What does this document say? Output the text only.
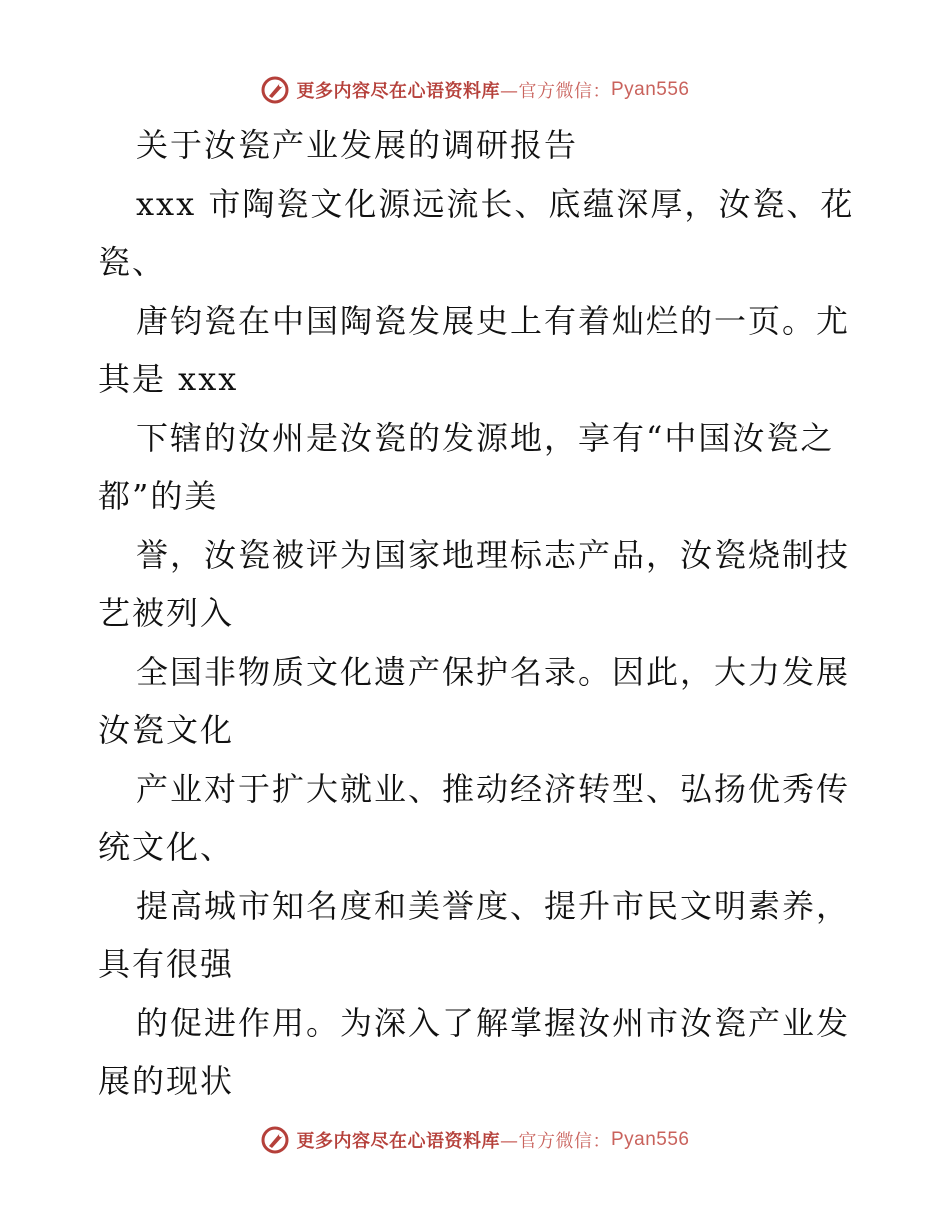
更多内容尽在心语资料库 —官方微信： Pyan556
关于汝瓷产业发展的调研报告
xxx 市陶瓷文化源远流长、底蕴深厚，汝瓷、花
瓷、
唐钧瓷在中国陶瓷发展史上有着灿烂的一页。尤
其是 xxx
下辖的汝州是汝瓷的发源地，享有“中国汝瓷之
都”的美
誉，汝瓷被评为国家地理标志产品，汝瓷烧制技
艺被列入
全国非物质文化遗产保护名录。因此，大力发展
汝瓷文化
产业对于扩大就业、推动经济转型、弘扬优秀传
统文化、
提高城市知名度和美誉度、提升市民文明素养，
具有很强
的促进作用。为深入了解掌握汝州市汝瓷产业发
展的现状
更多内容尽在心语资料库 —官方微信： Pyan556
